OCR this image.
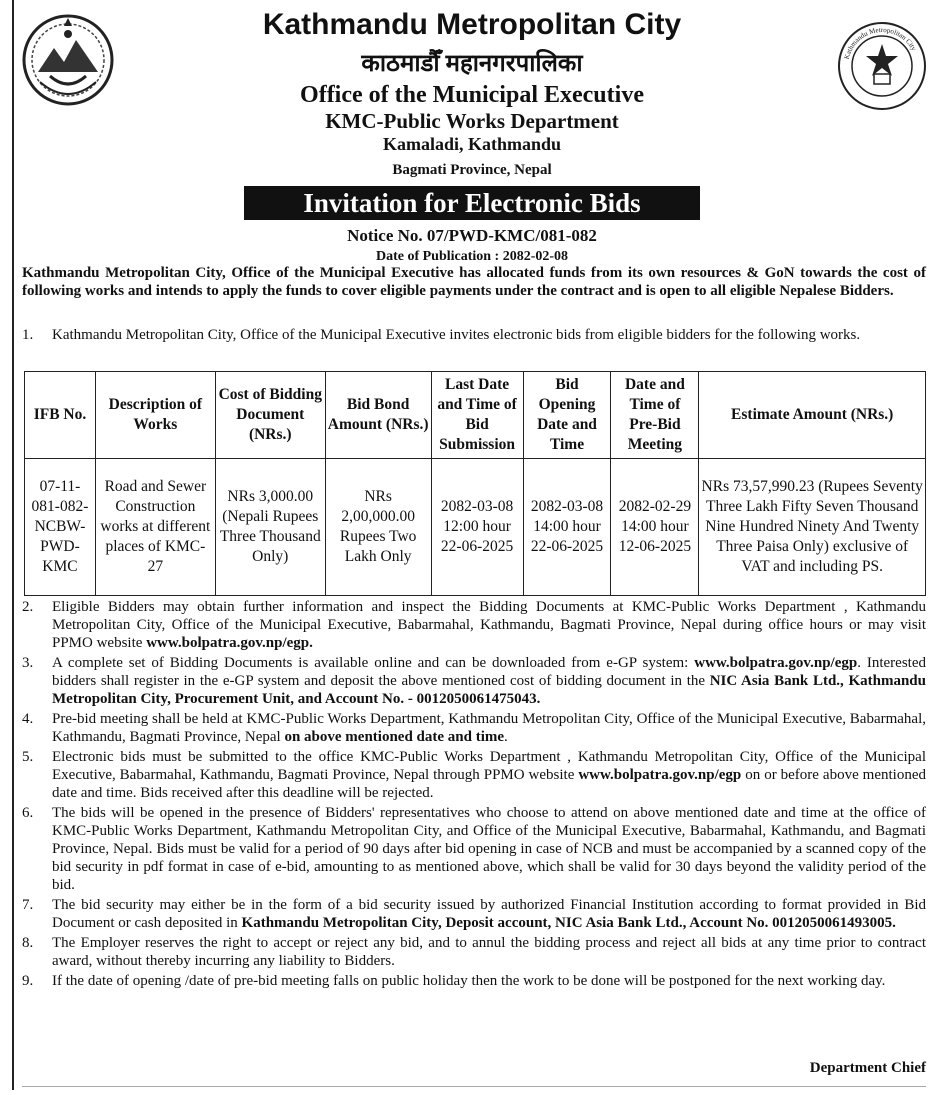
Kathmandu Metropolitan City
Kathmandu Metropolitan City
काठमाडौँ महानगरपालिका
Office of the Municipal Executive
KMC-Public Works Department
Kamaladi, Kathmandu
Bagmati Province, Nepal
Invitation for Electronic Bids
Notice No. 07/PWD-KMC/081-082
Date of Publication : 2082-02-08
Kathmandu Metropolitan City, Office of the Municipal Executive has allocated funds from its own resources & GoN towards the cost of following works and intends to apply the funds to cover eligible payments under the contract and is open to all eligible Nepalese Bidders.
1. Kathmandu Metropolitan City, Office of the Municipal Executive invites electronic bids from eligible bidders for the following works.
IFB No.	Description of Works	Cost of Bidding Document (NRs.)	Bid Bond Amount (NRs.)	Last Date and Time of Bid Submission	Bid Opening Date and Time	Date and Time of Pre-Bid Meeting	Estimate Amount (NRs.)
07-11-081-082-NCBW-PWD-KMC	Road and Sewer Construction works at different places of KMC-27	NRs 3,000.00 (Nepali Rupees Three Thousand Only)	NRs 2,00,000.00 Rupees Two Lakh Only	2082-03-08 12:00 hour 22-06-2025	2082-03-08 14:00 hour 22-06-2025	2082-02-29 14:00 hour 12-06-2025	NRs 73,57,990.23 (Rupees Seventy Three Lakh Fifty Seven Thousand Nine Hundred Ninety And Twenty Three Paisa Only) exclusive of VAT and including PS.
2. Eligible Bidders may obtain further information and inspect the Bidding Documents at KMC-Public Works Department , Kathmandu Metropolitan City, Office of the Municipal Executive, Babarmahal, Kathmandu, Bagmati Province, Nepal during office hours or may visit PPMO website www.bolpatra.gov.np/egp.
3. A complete set of Bidding Documents is available online and can be downloaded from e-GP system: www.bolpatra.gov.np/egp. Interested bidders shall register in the e-GP system and deposit the above mentioned cost of bidding document in the NIC Asia Bank Ltd., Kathmandu Metropolitan City, Procurement Unit, and Account No. - 0012050061475043.
4. Pre-bid meeting shall be held at KMC-Public Works Department, Kathmandu Metropolitan City, Office of the Municipal Executive, Babarmahal, Kathmandu, Bagmati Province, Nepal on above mentioned date and time.
5. Electronic bids must be submitted to the office KMC-Public Works Department , Kathmandu Metropolitan City, Office of the Municipal Executive, Babarmahal, Kathmandu, Bagmati Province, Nepal through PPMO website www.bolpatra.gov.np/egp on or before above mentioned date and time. Bids received after this deadline will be rejected.
6. The bids will be opened in the presence of Bidders' representatives who choose to attend on above mentioned date and time at the office of KMC-Public Works Department, Kathmandu Metropolitan City, and Office of the Municipal Executive, Babarmahal, Kathmandu, and Bagmati Province, Nepal. Bids must be valid for a period of 90 days after bid opening in case of NCB and must be accompanied by a scanned copy of the bid security in pdf format in case of e-bid, amounting to as mentioned above, which shall be valid for 30 days beyond the validity period of the bid.
7. The bid security may either be in the form of a bid security issued by authorized Financial Institution according to format provided in Bid Document or cash deposited in Kathmandu Metropolitan City, Deposit account, NIC Asia Bank Ltd., Account No. 0012050061493005.
8. The Employer reserves the right to accept or reject any bid, and to annul the bidding process and reject all bids at any time prior to contract award, without thereby incurring any liability to Bidders.
9. If the date of opening /date of pre-bid meeting falls on public holiday then the work to be done will be postponed for the next working day.
Department Chief
